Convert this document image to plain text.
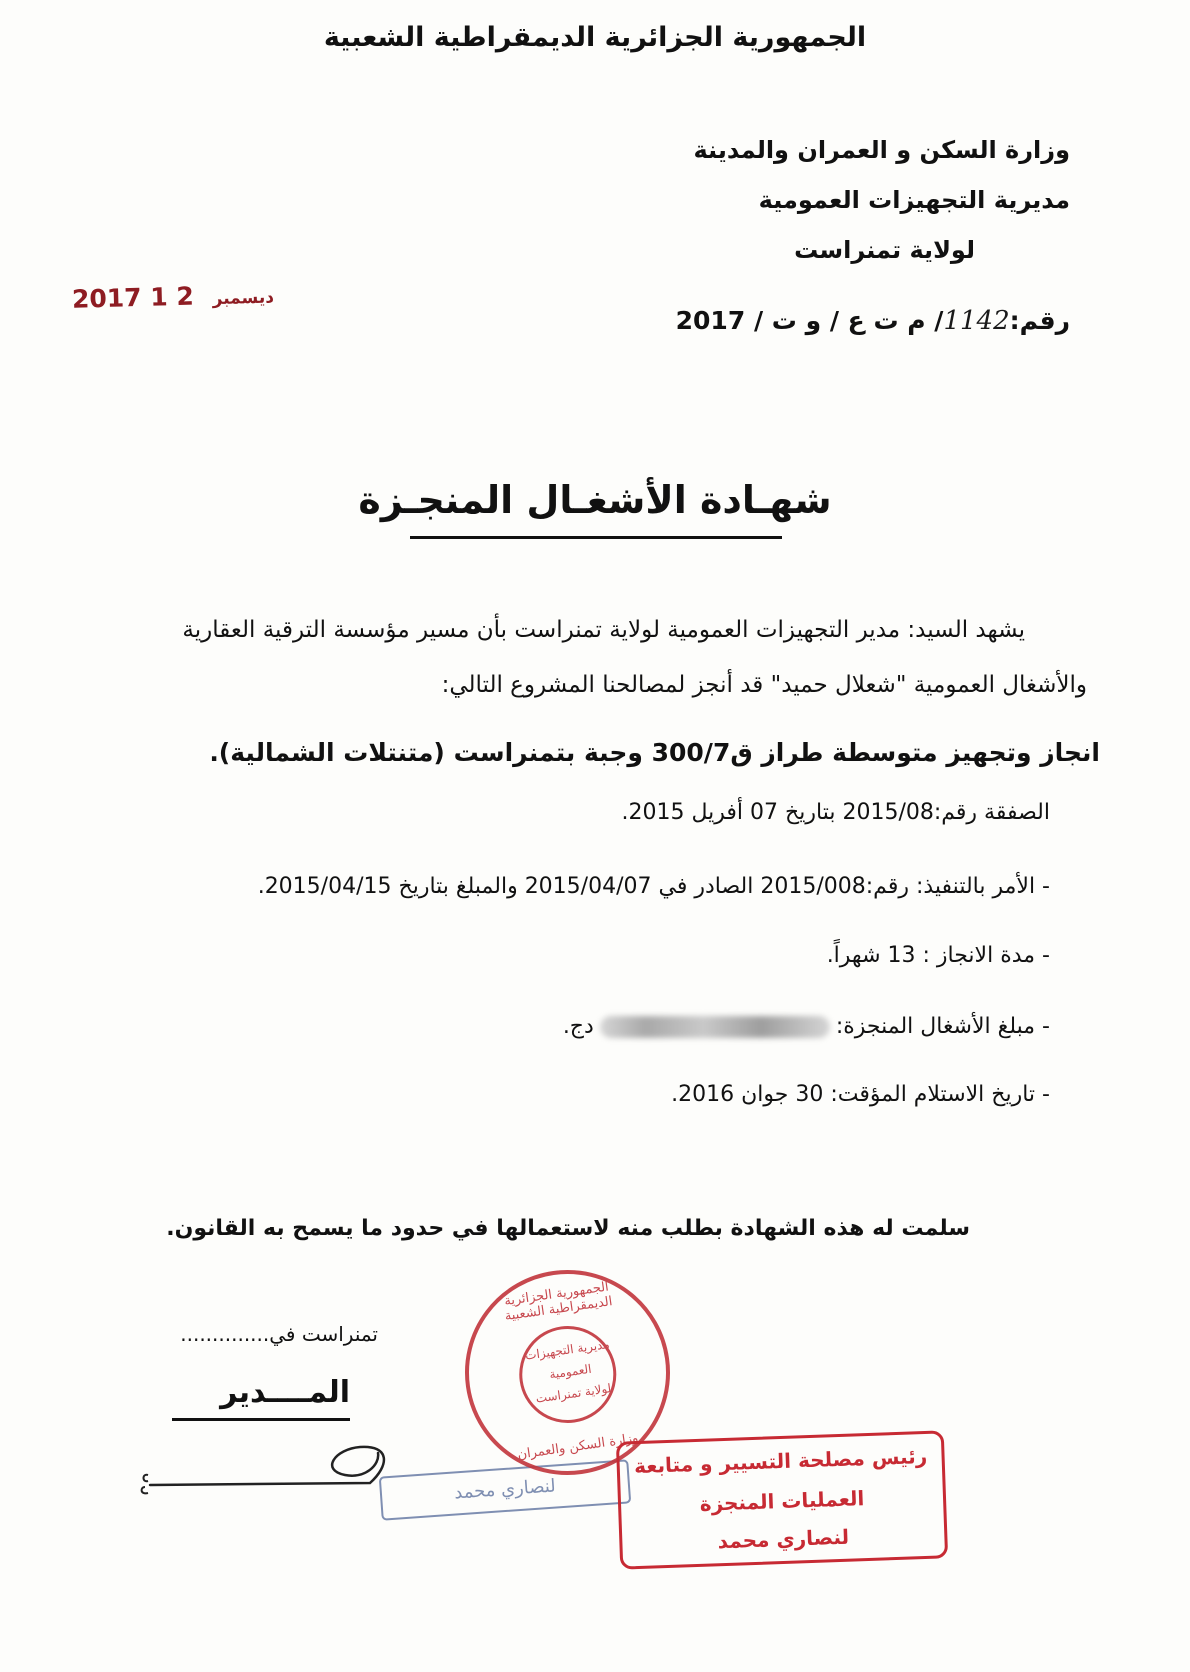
الجمهورية الجزائرية الديمقراطية الشعبية
وزارة السكن و العمران والمدينة
مديرية التجهيزات العمومية
لولاية تمنراست
2017	ديسمبر 2 1
رقم:1142/ م ت ع / و ت / 2017
شهـادة الأشغـال المنجـزة
يشهد السيد: مدير التجهيزات العمومية لولاية تمنراست بأن مسير مؤسسة الترقية العقارية
والأشغال العمومية "شعلال حميد" قد أنجز لمصالحنا المشروع التالي:
انجاز وتجهيز متوسطة طراز ق300/7 وجبة بتمنراست (متنتلات الشمالية).
الصفقة رقم:2015/08 بتاريخ 07 أفريل 2015.
- الأمر بالتنفيذ: رقم:2015/008 الصادر في 2015/04/07 والمبلغ بتاريخ 2015/04/15.
- مدة الانجاز : 13 شهراً.
- مبلغ الأشغال المنجزة:دج.
- تاريخ الاستلام المؤقت: 30 جوان 2016.
سلمت له هذه الشهادة بطلب منه لاستعمالها في حدود ما يسمح به القانون.
تمنراست في..............
المــــدير
لنصاري محمد
الجمهورية الجزائرية الديمقراطية الشعبية
مديرية التجهيزات
العمومية
لولاية تمنراست
وزارة السكن والعمران
رئيس مصلحة التسيير و متابعة
العمليات المنجزة
لنصاري محمد
